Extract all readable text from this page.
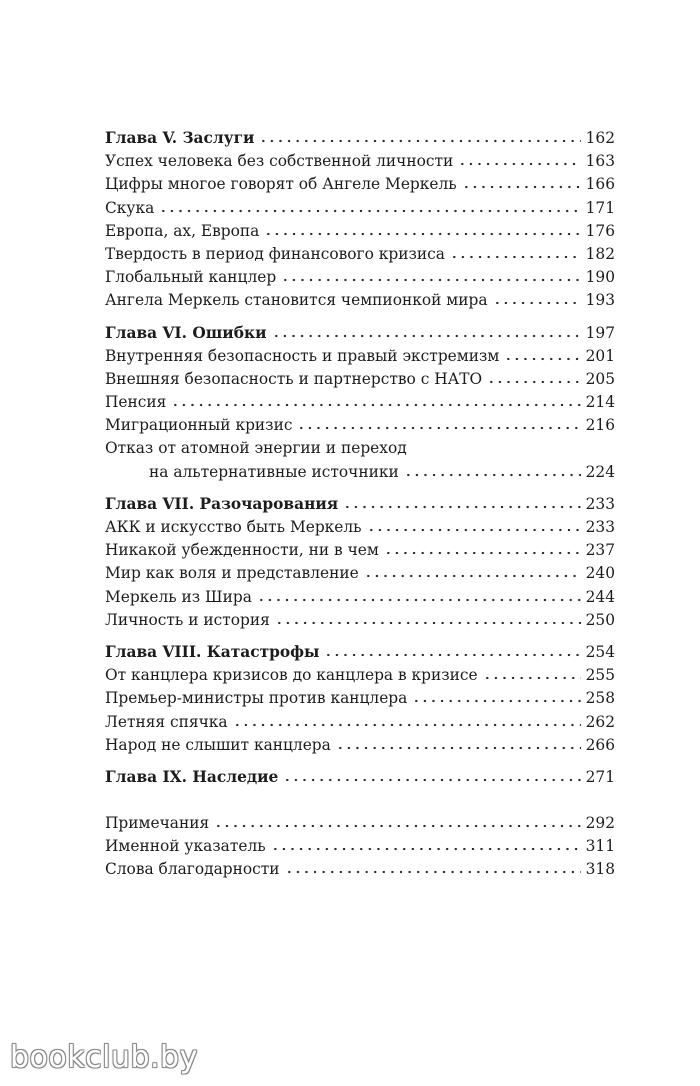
Глава V. Заслуги	162
Успех человека без собственной личности	163
Цифры многое говорят об Ангеле Меркель	166
Скука	171
Европа, ах, Европа	176
Твердость в период финансового кризиса	182
Глобальный канцлер	190
Ангела Меркель становится чемпионкой мира	193
Глава VI. Ошибки	197
Внутренняя безопасность и правый экстремизм	201
Внешняя безопасность и партнерство с НАТО	205
Пенсия	214
Миграционный кризис	216
Отказ от атомной энергии и переход
на альтернативные источники	224
Глава VII. Разочарования	233
АКК и искусство быть Меркель	233
Никакой убежденности, ни в чем	237
Мир как воля и представление	240
Меркель из Шира	244
Личность и история	250
Глава VIII. Катастрофы	254
От канцлера кризисов до канцлера в кризисе	255
Премьер-министры против канцлера	258
Летняя спячка	262
Народ не слышит канцлера	266
Глава IX. Наследие	271
Примечания	292
Именной указатель	311
Слова благодарности	318
bookclub.by
